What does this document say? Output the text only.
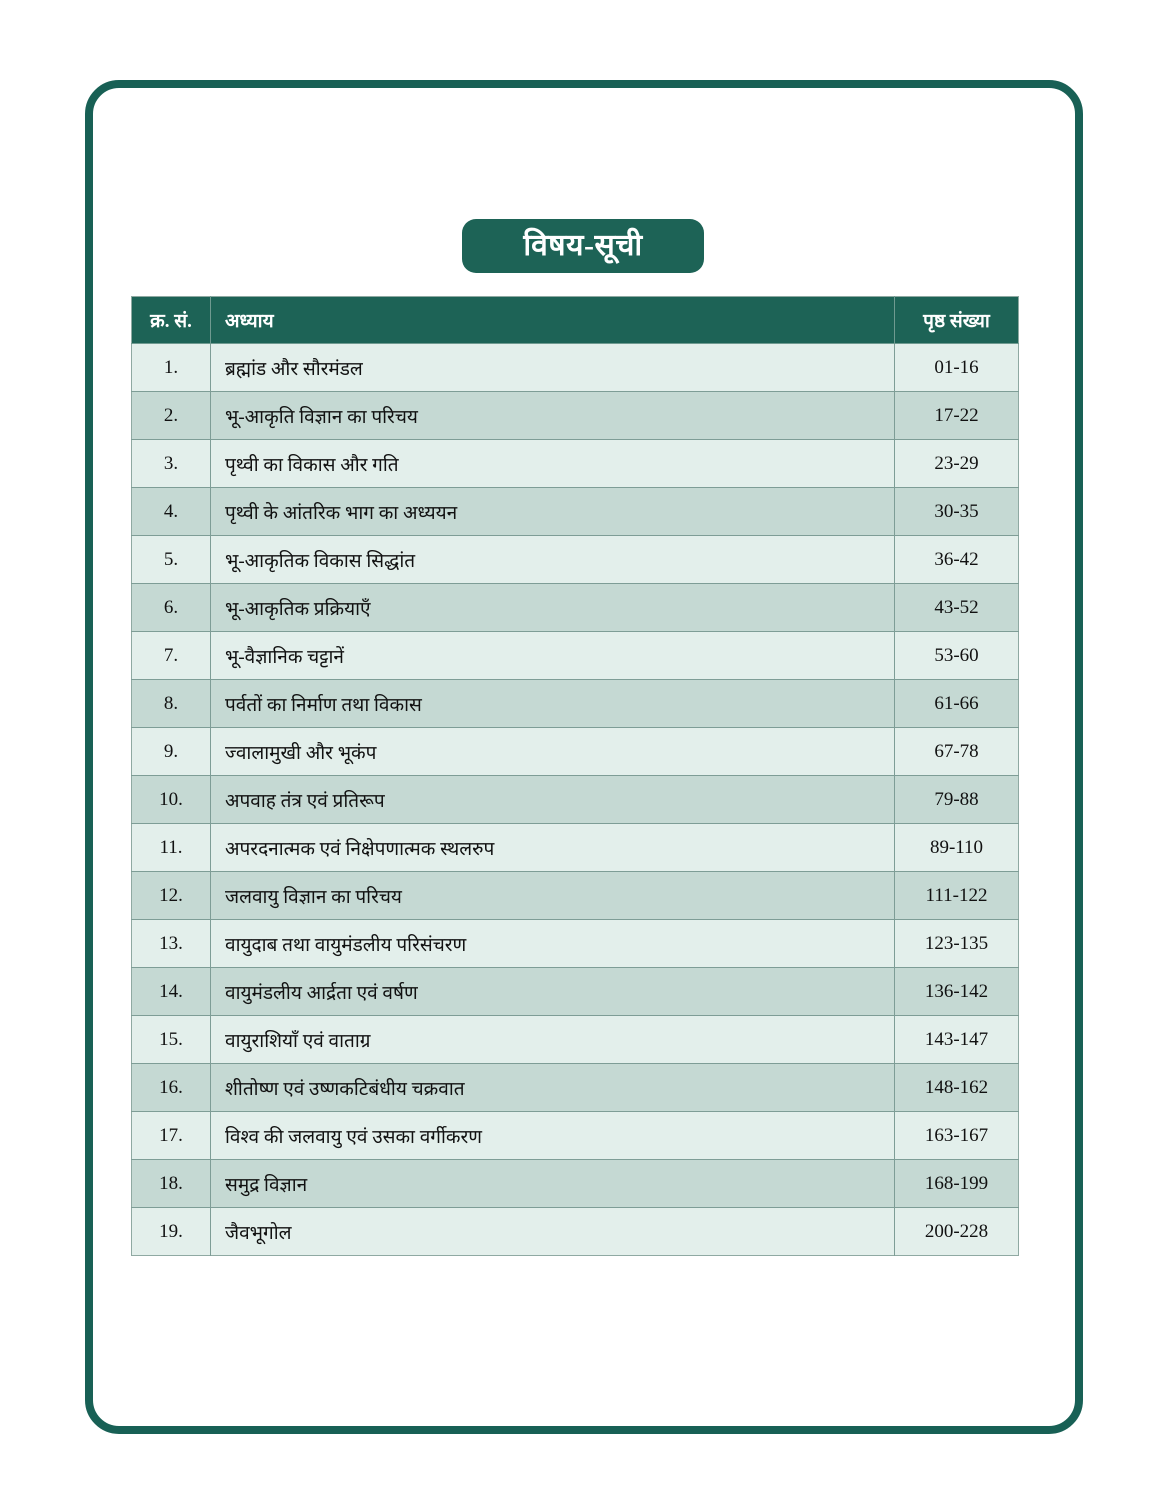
विषय-सूची
क्र. सं.	अध्याय	पृष्ठ संख्या
1.	ब्रह्मांड और सौरमंडल	01-16
2.	भू-आकृति विज्ञान का परिचय	17-22
3.	पृथ्वी का विकास और गति	23-29
4.	पृथ्वी के आंतरिक भाग का अध्ययन	30-35
5.	भू-आकृतिक विकास सिद्धांत	36-42
6.	भू-आकृतिक प्रक्रियाएँ	43-52
7.	भू-वैज्ञानिक चट्टानें	53-60
8.	पर्वतों का निर्माण तथा विकास	61-66
9.	ज्वालामुखी और भूकंप	67-78
10.	अपवाह तंत्र एवं प्रतिरूप	79-88
11.	अपरदनात्मक एवं निक्षेपणात्मक स्थलरुप	89-110
12.	जलवायु विज्ञान का परिचय	111-122
13.	वायुदाब तथा वायुमंडलीय परिसंचरण	123-135
14.	वायुमंडलीय आर्द्रता एवं वर्षण	136-142
15.	वायुराशियाँ एवं वाताग्र	143-147
16.	शीतोष्ण एवं उष्णकटिबंधीय चक्रवात	148-162
17.	विश्व की जलवायु एवं उसका वर्गीकरण	163-167
18.	समुद्र विज्ञान	168-199
19.	जैवभूगोल	200-228
